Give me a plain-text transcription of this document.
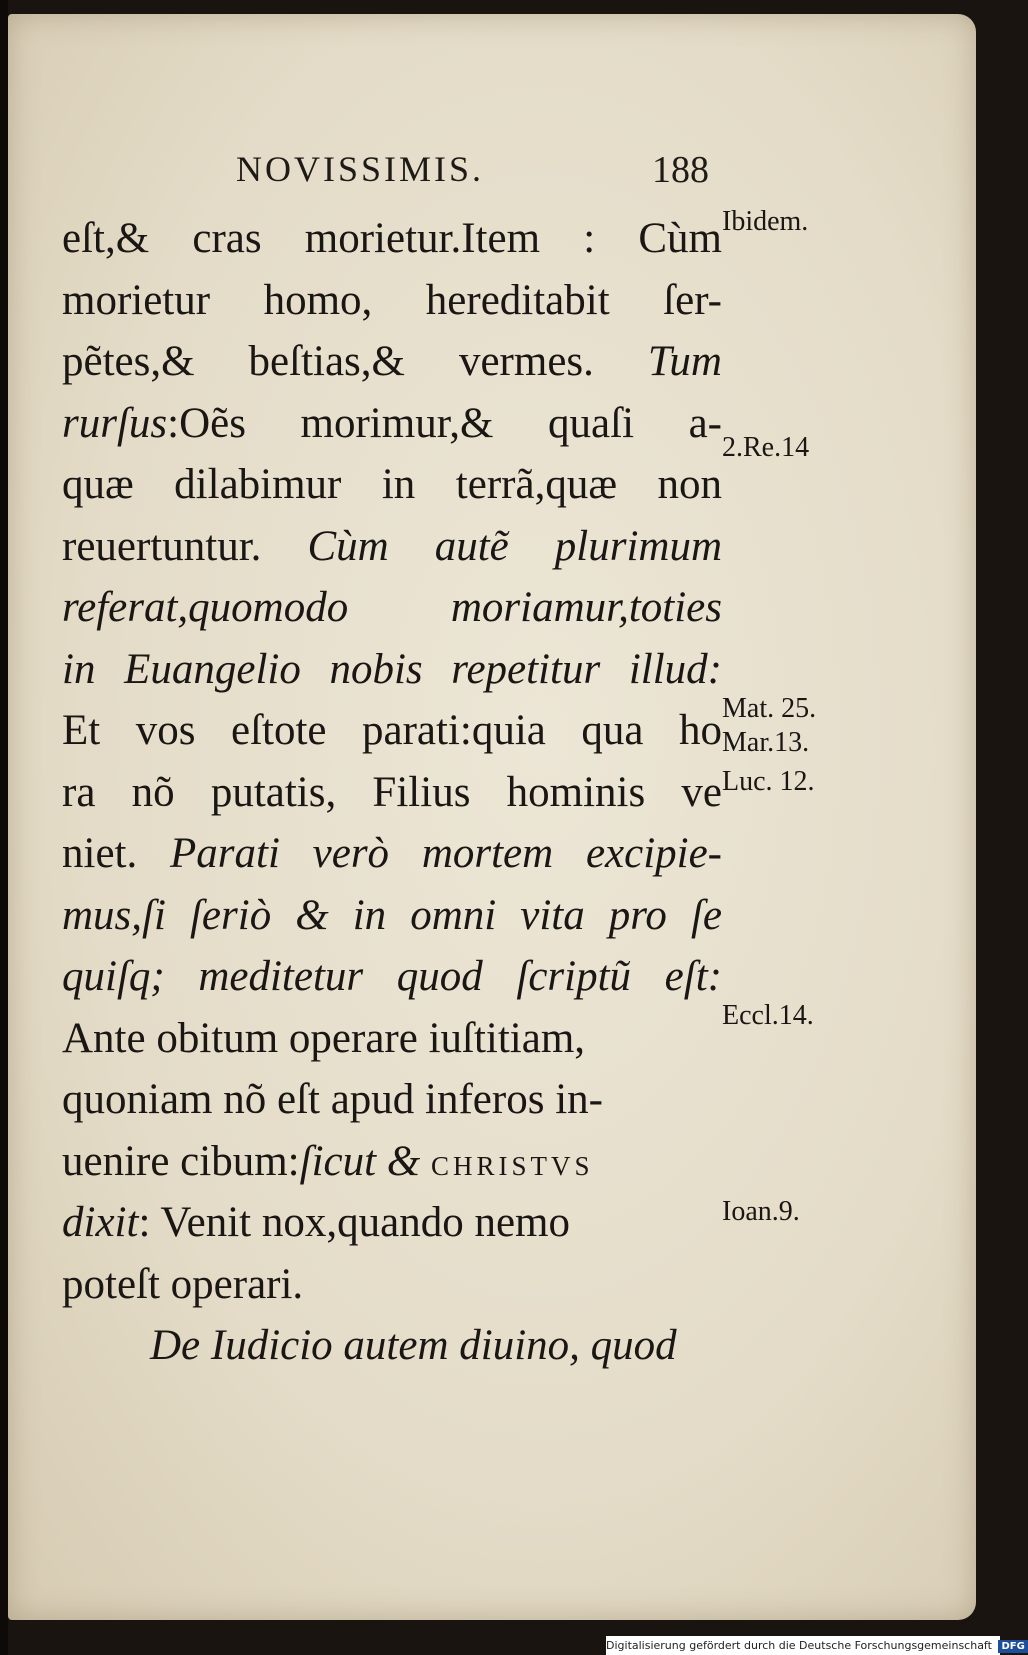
NOVISSIMIS.	188
eſt,& cras morietur.Item : Cùm
morietur homo, hereditabit ſer-
pẽtes,& beſtias,& vermes. Tum
rurſus:Oẽs morimur,& quaſi a-
quæ dilabimur in terrã,quæ non
reuertuntur. Cùm autẽ plurimum
referat,quomodo moriamur,toties
in Euangelio nobis repetitur illud:
Et vos eſtote parati:quia qua ho
ra nõ putatis, Filius hominis ve
niet. Parati verò mortem excipie-
mus,ſi ſeriò & in omni vita pro ſe
quiſq; meditetur quod ſcriptũ eſt:
Ante obitum operare iuſtitiam,
quoniam nõ eſt apud inferos in-
uenire cibum:ſicut & CHRISTVS
dixit: Venit nox,quando nemo
poteſt operari.
De Iudicio autem diuino, quod
Ibidem.
2.Re.14
Mat. 25.
Mar.13.
Luc. 12.
Eccl.14.
Ioan.9.
Digitalisierung gefördert durch die Deutsche Forschungsgemeinschaft DFG
